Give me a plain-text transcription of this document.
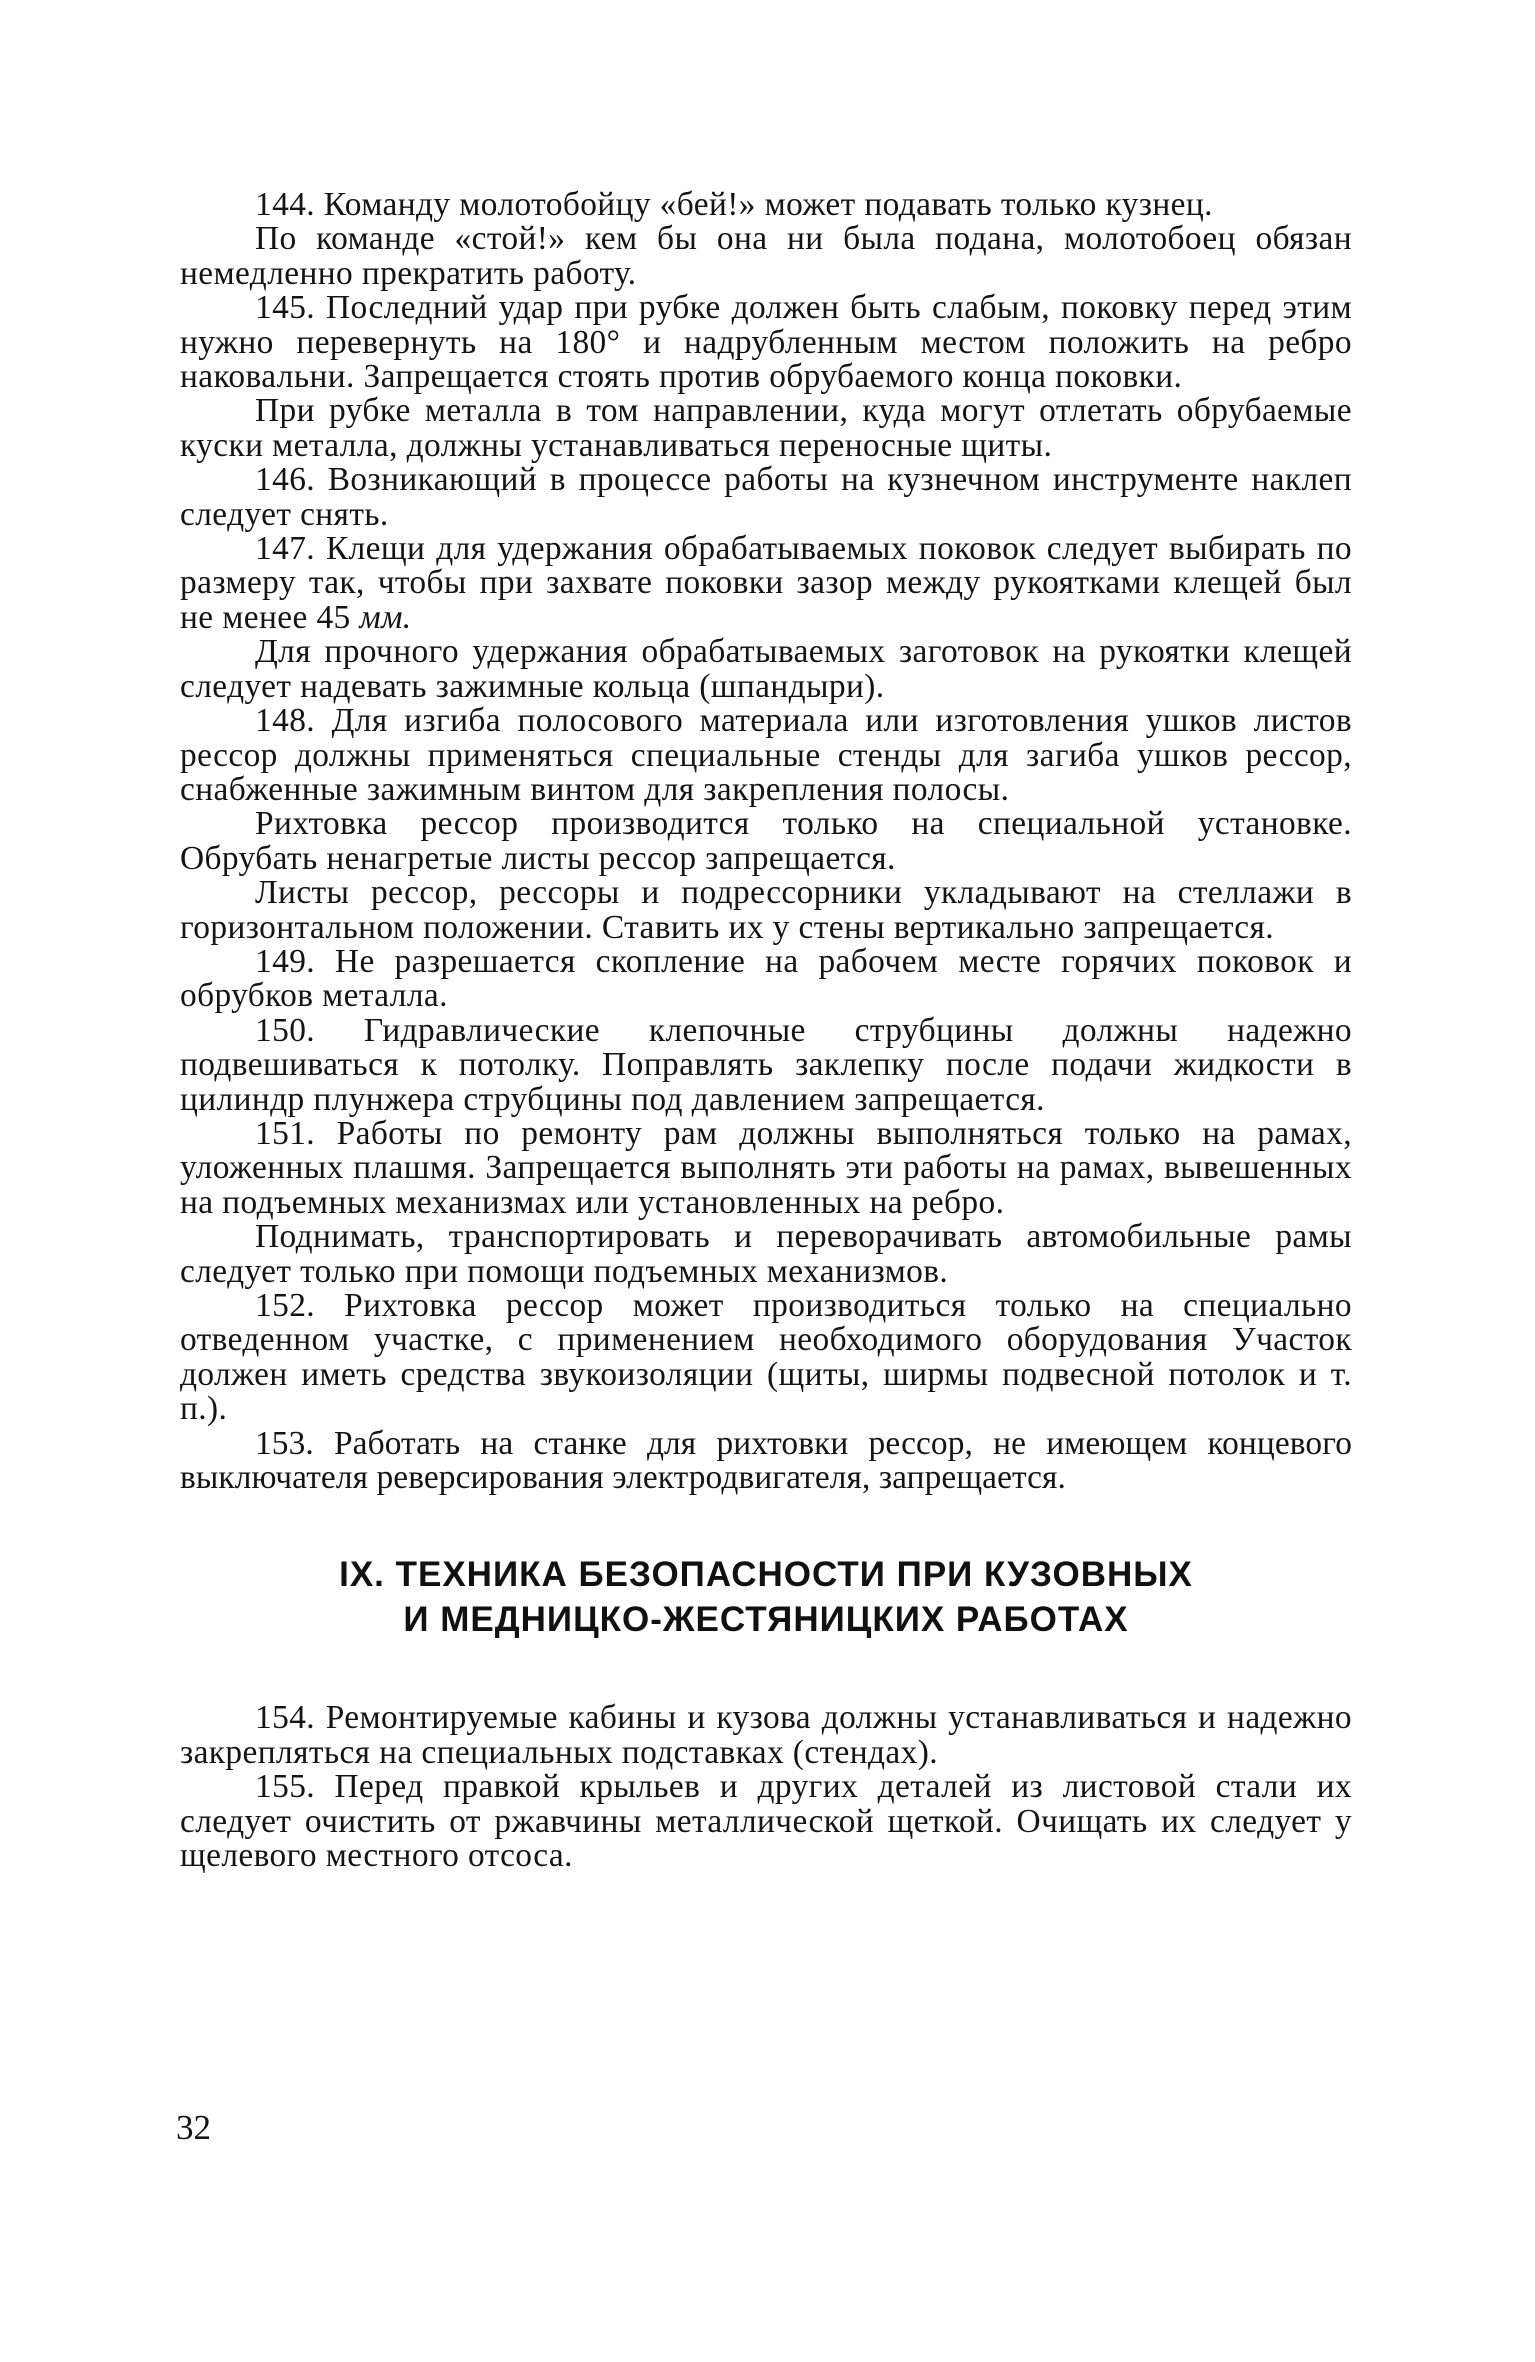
144. Команду молотобойцу «бей!» может подавать только кузнец.

По команде «стой!» кем бы она ни была подана, молотобоец обязан немедленно прекратить работу.

145. Последний удар при рубке должен быть слабым, поковку перед этим нужно перевернуть на 180° и надрубленным местом положить на ребро наковальни. Запрещается стоять против обрубаемого конца поковки.

При рубке металла в том направлении, куда могут отлетать обрубаемые куски металла, должны устанавливаться переносные щиты.

146. Возникающий в процессе работы на кузнечном инструменте наклеп следует снять.

147. Клещи для удержания обрабатываемых поковок следует выбирать по размеру так, чтобы при захвате поковки зазор между рукоятками клещей был не менее 45 мм.

Для прочного удержания обрабатываемых заготовок на рукоятки клещей следует надевать зажимные кольца (шпандыри).

148. Для изгиба полосового материала или изготовления ушков листов рессор должны применяться специальные стенды для загиба ушков рессор, снабженные зажимным винтом для закрепления полосы.

Рихтовка рессор производится только на специальной установке. Обрубать ненагретые листы рессор запрещается.

Листы рессор, рессоры и подрессорники укладывают на стеллажи в горизонтальном положении. Ставить их у стены вертикально запрещается.

149. Не разрешается скопление на рабочем месте горячих поковок и обрубков металла.

150. Гидравлические клепочные струбцины должны надежно подвешиваться к потолку. Поправлять заклепку после подачи жидкости в цилиндр плунжера струбцины под давлением запрещается.

151. Работы по ремонту рам должны выполняться только на рамах, уложенных плашмя. Запрещается выполнять эти работы на рамах, вывешенных на подъемных механизмах или установленных на ребро.

Поднимать, транспортировать и переворачивать автомобильные рамы следует только при помощи подъемных механизмов.

152. Рихтовка рессор может производиться только на специально отведенном участке, с применением необходимого оборудования Участок должен иметь средства звукоизоляции (щиты, ширмы подвесной потолок и т. п.).

153. Работать на станке для рихтовки рессор, не имеющем концевого выключателя реверсирования электродвигателя, запрещается.

IX. ТЕХНИКА БЕЗОПАСНОСТИ ПРИ КУЗОВНЫХ
И МЕДНИЦКО-ЖЕСТЯНИЦКИХ РАБОТАХ

154. Ремонтируемые кабины и кузова должны устанавливаться и надежно закрепляться на специальных подставках (стендах).

155. Перед правкой крыльев и других деталей из листовой стали их следует очистить от ржавчины металлической щеткой. Очищать их следует у щелевого местного отсоса.

32
